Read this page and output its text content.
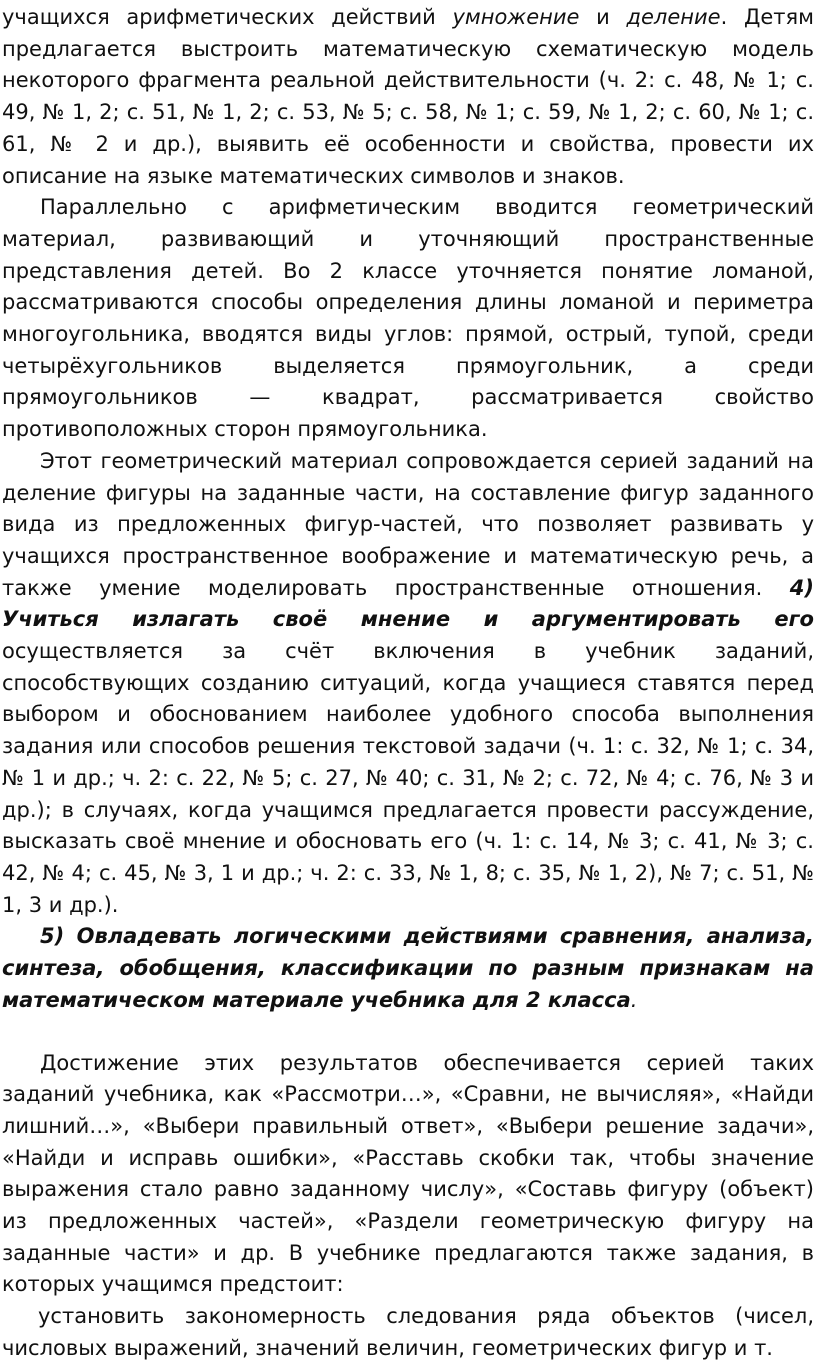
учащихся арифметических действий умножение и деление. Детям предлагается выстроить математическую схематическую модель некоторого фрагмента реальной действительности (ч. 2: с. 48, № 1; с. 49, № 1, 2; с. 51, № 1, 2; с. 53, № 5; с. 58, № 1; с. 59, № 1, 2; с. 60, № 1; с. 61, № 2 и др.), выявить её особенности и свойства, провести их описание на языке математических символов и знаков.

Параллельно с арифметическим вводится геометрический материал, развивающий и уточняющий пространственные представления детей. Во 2 классе уточняется понятие ломаной, рассматриваются способы определения длины ломаной и периметра многоугольника, вводятся виды углов: прямой, острый, тупой, среди четырёхугольников выделяется прямоугольник, а среди прямоугольников — квадрат, рассматривается свойство противоположных сторон прямоугольника.

Этот геометрический материал сопровождается серией заданий на деление фигуры на заданные части, на составление фигур заданного вида из предложенных фигур-частей, что позволяет развивать у учащихся пространственное воображение и математическую речь, а также умение моделировать пространственные отношения. 4) Учиться излагать своё мнение и аргументировать его осуществляется за счёт включения в учебник заданий, способствующих созданию ситуаций, когда учащиеся ставятся перед выбором и обоснованием наиболее удобного способа выполнения задания или способов решения текстовой задачи (ч. 1: с. 32, № 1; с. 34, № 1 и др.; ч. 2: с. 22, № 5; с. 27, № 40; с. 31, № 2; с. 72, № 4; с. 76, № 3 и др.); в случаях, когда учащимся предлагается провести рассуждение, высказать своё мнение и обосновать его (ч. 1: с. 14, № 3; с. 41, № 3; с. 42, № 4; с. 45, № 3, 1 и др.; ч. 2: с. 33, № 1, 8; с. 35, № 1, 2), № 7; с. 51, № 1, 3 и др.).

5) Овладевать логическими действиями сравнения, анализа, синтеза, обобщения, классификации по разным признакам на математическом материале учебника для 2 класса.

Достижение этих результатов обеспечивается серией таких заданий учебника, как «Рассмотри…», «Сравни, не вычисляя», «Найди лишний…», «Выбери правильный ответ», «Выбери решение задачи», «Найди и исправь ошибки», «Расставь скобки так, чтобы значение выражения стало равно заданному числу», «Составь фигуру (объект) из предложенных частей», «Раздели геометрическую фигуру на заданные части» и др. В учебнике предлагаются также задания, в которых учащимся предстоит:

установить закономерность следования ряда объектов (чисел, числовых выражений, значений величин, геометрических фигур и т.
